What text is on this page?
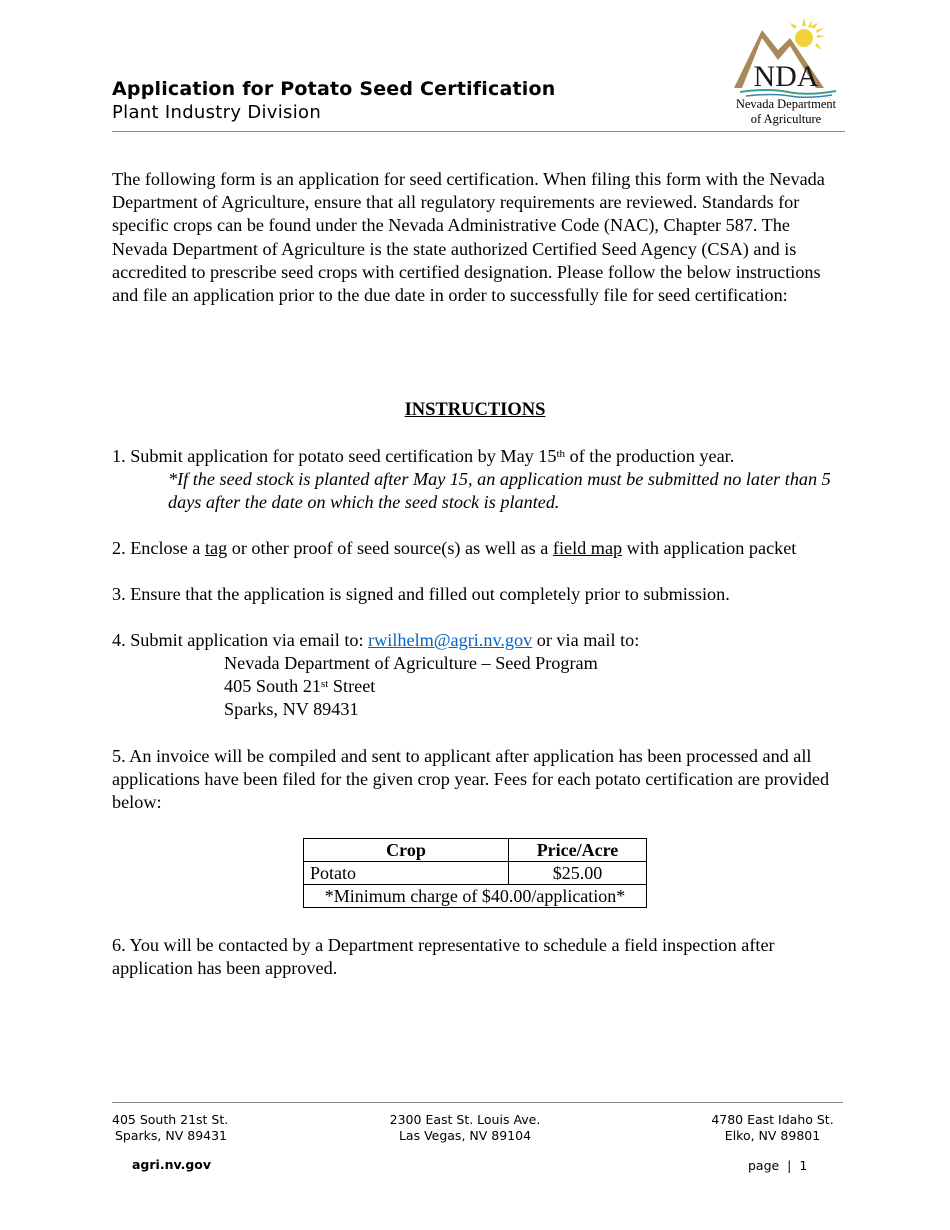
Application for Potato Seed Certification
Plant Industry Division
NDA
Nevada Department
of Agriculture
The following form is an application for seed certification. When filing this form with the Nevada Department of Agriculture, ensure that all regulatory requirements are reviewed. Standards for specific crops can be found under the Nevada Administrative Code (NAC), Chapter 587. The Nevada Department of Agriculture is the state authorized Certified Seed Agency (CSA) and is accredited to prescribe seed crops with certified designation. Please follow the below instructions and file an application prior to the due date in order to successfully file for seed certification:
INSTRUCTIONS
1. Submit application for potato seed certification by May 15th of the production year.
*If the seed stock is planted after May 15, an application must be submitted no later than 5 days after the date on which the seed stock is planted.
2. Enclose a tag or other proof of seed source(s) as well as a field map with application packet
3. Ensure that the application is signed and filled out completely prior to submission.
4. Submit application via email to: rwilhelm@agri.nv.gov or via mail to:
Nevada Department of Agriculture – Seed Program
405 South 21st Street
Sparks, NV 89431
5. An invoice will be compiled and sent to applicant after application has been processed and all applications have been filed for the given crop year. Fees for each potato certification are provided below:
Crop	Price/Acre
Potato	$25.00
*Minimum charge of $40.00/application*	
6. You will be contacted by a Department representative to schedule a field inspection after application has been approved.
405 South 21st St.
Sparks, NV 89431
2300 East St. Louis Ave.
Las Vegas, NV 89104
4780 East Idaho St.
Elko, NV 89801
agri.nv.gov	page  |  1
